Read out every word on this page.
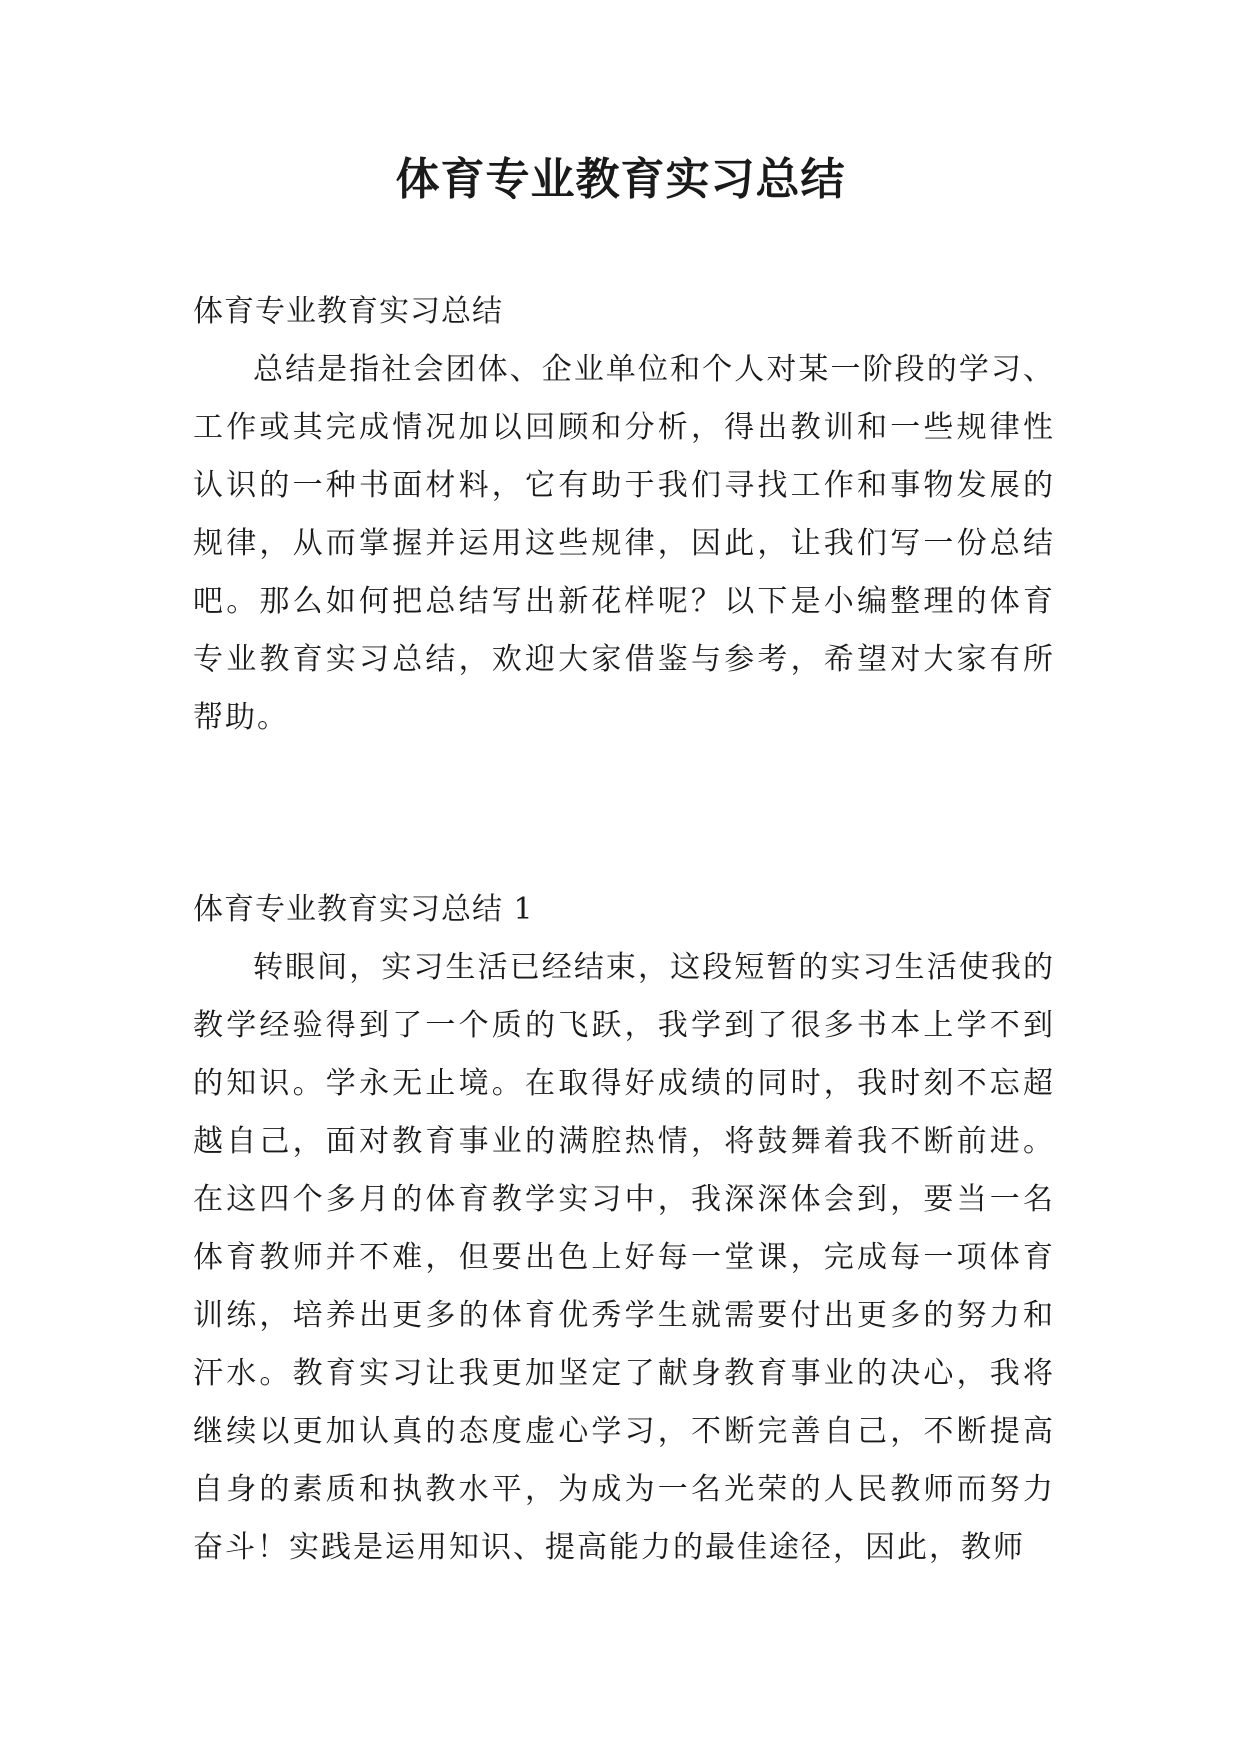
体育专业教育实习总结

体育专业教育实习总结

总结是指社会团体、企业单位和个人对某一阶段的学习、工作或其完成情况加以回顾和分析，得出教训和一些规律性认识的一种书面材料，它有助于我们寻找工作和事物发展的规律，从而掌握并运用这些规律，因此，让我们写一份总结吧。那么如何把总结写出新花样呢？以下是小编整理的体育专业教育实习总结，欢迎大家借鉴与参考，希望对大家有所帮助。

体育专业教育实习总结 1

转眼间，实习生活已经结束，这段短暂的实习生活使我的教学经验得到了一个质的飞跃，我学到了很多书本上学不到的知识。学永无止境。在取得好成绩的同时，我时刻不忘超越自己，面对教育事业的满腔热情，将鼓舞着我不断前进。在这四个多月的体育教学实习中，我深深体会到，要当一名体育教师并不难，但要出色上好每一堂课，完成每一项体育训练，培养出更多的体育优秀学生就需要付出更多的努力和汗水。教育实习让我更加坚定了献身教育事业的决心，我将继续以更加认真的态度虚心学习，不断完善自己，不断提高自身的素质和执教水平，为成为一名光荣的人民教师而努力奋斗！实践是运用知识、提高能力的最佳途径，因此，教师
